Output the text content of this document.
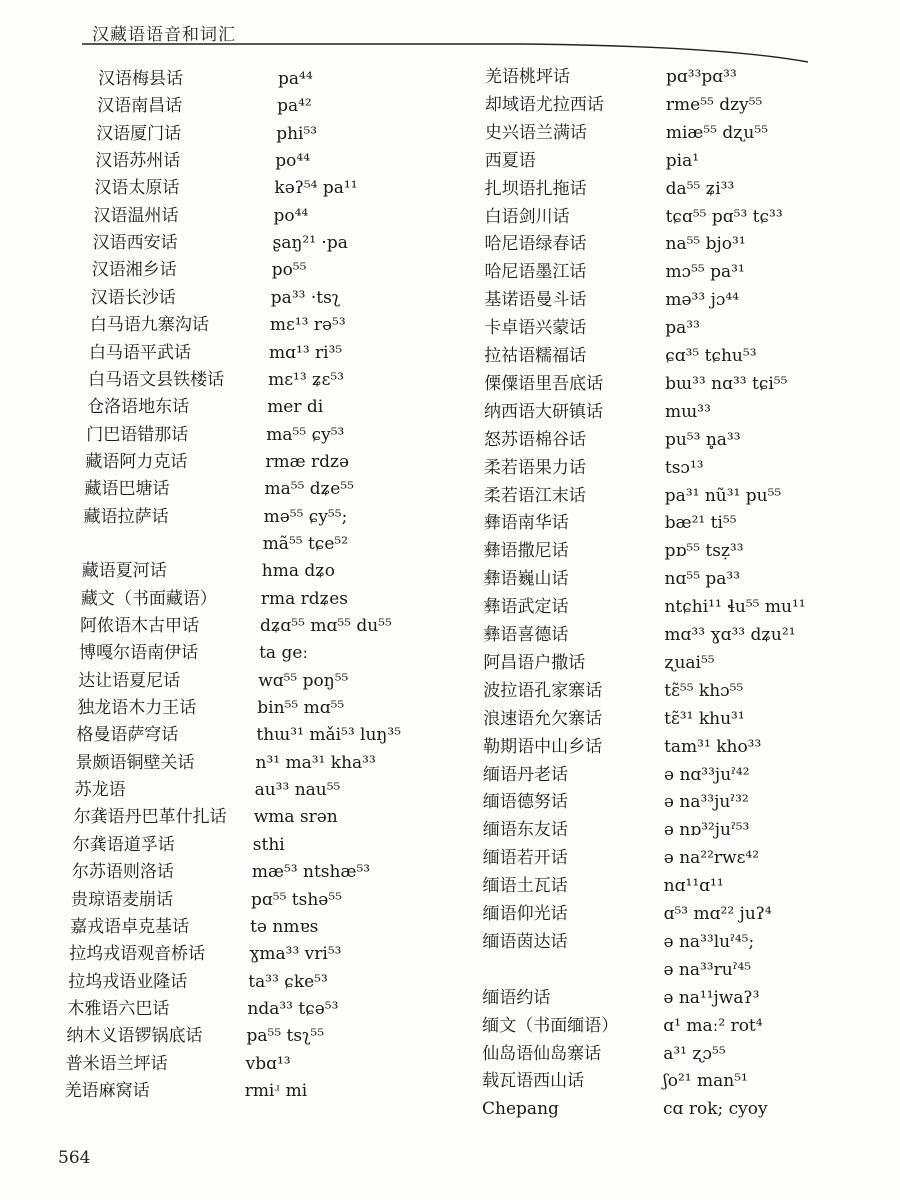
汉藏语语音和词汇
汉语梅县话	pa⁴⁴
汉语南昌话	pa⁴²
汉语厦门话	phi⁵³
汉语苏州话	po⁴⁴
汉语太原话	kəʔ⁵⁴ pa¹¹
汉语温州话	po⁴⁴
汉语西安话	ʂaŋ²¹ ·pa
汉语湘乡话	po⁵⁵
汉语长沙话	pa³³ ·tsʅ
白马语九寨沟话	mɛ¹³ rə⁵³
白马语平武话	mɑ¹³ ri³⁵
白马语文县铁楼话	mɛ¹³ ʑɛ⁵³
仓洛语地东话	mer di
门巴语错那话	ma⁵⁵ ɕy⁵³
藏语阿力克话	rmæ rdzə
藏语巴塘话	ma⁵⁵ dʑe⁵⁵
藏语拉萨话	mə⁵⁵ ɕy⁵⁵;
mã⁵⁵ tɕe⁵²
藏语夏河话	hma dʑo
藏文（书面藏语）	rma rdʑes
阿侬语木古甲话	dʑɑ⁵⁵ mɑ⁵⁵ du⁵⁵
博嘎尔语南伊话	ta geː
达让语夏尼话	wɑ⁵⁵ poŋ⁵⁵
独龙语木力王话	bin⁵⁵ mɑ⁵⁵
格曼语萨穹话	thɯ³¹ mǎi⁵³ luŋ³⁵
景颇语铜壁关话	n³¹ ma³¹ kha³³
苏龙语	au³³ nau⁵⁵
尔龚语丹巴革什扎话 wma srən
尔龚语道孚话	sthi
尔苏语则洛话	mæ⁵³ ntshæ⁵³
贵琼语麦崩话	pɑ⁵⁵ tshə⁵⁵
嘉戎语卓克基话	tə nmɐs
拉坞戎语观音桥话	ɣma³³ vri⁵³
拉坞戎语业隆话	ta³³ ɕke⁵³
木雅语六巴话	nda³³ tɕə⁵³
纳木义语锣锅底话	pa⁵⁵ tsʅ⁵⁵
普米语兰坪话	vbɑ¹³
羌语麻窝话	rmiʴ mi
羌语桃坪话	pɑ³³pɑ³³
却域语尤拉西话	rme⁵⁵ dzy⁵⁵
史兴语兰满话	miæ⁵⁵ dʐu⁵⁵
西夏语	pia¹
扎坝语扎拖话	da⁵⁵ ʑi³³
白语剑川话	tɕɑ⁵⁵ pɑ⁵³ tɕ³³
哈尼语绿春话	na⁵⁵ bjo³¹
哈尼语墨江话	mɔ⁵⁵ pa³¹
基诺语曼斗话	mə³³ jɔ⁴⁴
卡卓语兴蒙话	pa³³
拉祜语糯福话	ɕɑ³⁵ tɕhu⁵³
傈僳语里吾底话	bɯ³³ nɑ³³ tɕi⁵⁵
纳西语大研镇话	mɯ³³
怒苏语棉谷话	pu⁵³ n̥a³³
柔若语果力话	tsɔ¹³
柔若语江末话	pa³¹ nũ³¹ pu⁵⁵
彝语南华话	bæ²¹ ti⁵⁵
彝语撒尼话	pɒ⁵⁵ tsẓ³³
彝语巍山话	nɑ⁵⁵ pa³³
彝语武定话	ntɕhi¹¹ ɬu⁵⁵ mu¹¹
彝语喜德话	mɑ³³ ɣɑ³³ dʑu²¹
阿昌语户撒话	ʐuai⁵⁵
波拉语孔家寨话	tɛ̃⁵⁵ khɔ⁵⁵
浪速语允欠寨话	tɛ̃³¹ khu³¹
勒期语中山乡话	tam³¹ kho³³
缅语丹老话	ə nɑ³³juˀ⁴²
缅语德努话	ə na³³juˀ³²
缅语东友话	ə nɒ³²juˀ⁵³
缅语若开话	ə na²²rwɛ⁴²
缅语土瓦话	nɑ¹¹ɑ¹¹
缅语仰光话	ɑ⁵³ mɑ²² juʔ⁴
缅语茵达话	ə na³³luˀ⁴⁵;
ə na³³ruˀ⁴⁵
缅语约话	ə na¹¹jwaʔ³
缅文（书面缅语）	ɑ¹ maː² rot⁴
仙岛语仙岛寨话	a³¹ ʐɔ⁵⁵
载瓦语西山话	ʃo²¹ man⁵¹
Chepang	cɑ rok; cyoy
564
